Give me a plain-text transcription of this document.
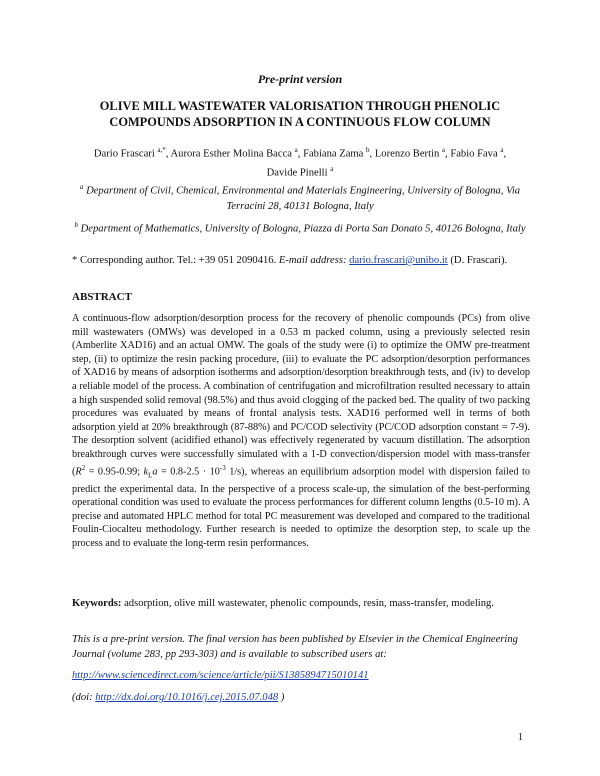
Pre-print version
OLIVE MILL WASTEWATER VALORISATION THROUGH PHENOLIC COMPOUNDS ADSORPTION IN A CONTINUOUS FLOW COLUMN
Dario Frascari $^{a,*}$, Aurora Esther Molina Bacca $^a$, Fabiana Zama $^b$, Lorenzo Bertin $^a$, Fabio Fava $^a$,
Davide Pinelli $^a$
$^a$ Department of Civil, Chemical, Environmental and Materials Engineering, University of Bologna, Via Terracini 28, 40131 Bologna, Italy
$^b$ Department of Mathematics, University of Bologna, Piazza di Porta San Donato 5, 40126 Bologna, Italy
* Corresponding author. Tel.: +39 051 2090416. E-mail address: dario.frascari@unibo.it (D. Frascari).
ABSTRACT
A continuous-flow adsorption/desorption process for the recovery of phenolic compounds (PCs) from olive mill wastewaters (OMWs) was developed in a 0.53 m packed column, using a previously selected resin (Amberlite XAD16) and an actual OMW. The goals of the study were (i) to optimize the OMW pre-treatment step, (ii) to optimize the resin packing procedure, (iii) to evaluate the PC adsorption/desorption performances of XAD16 by means of adsorption isotherms and adsorption/desorption breakthrough tests, and (iv) to develop a reliable model of the process. A combination of centrifugation and microfiltration resulted necessary to attain a high suspended solid removal (98.5%) and thus avoid clogging of the packed bed. The quality of two packing procedures was evaluated by means of frontal analysis tests. XAD16 performed well in terms of both adsorption yield at 20% breakthrough (87-88%) and PC/COD selectivity (PC/COD adsorption constant = 7-9). The desorption solvent (acidified ethanol) was effectively regenerated by vacuum distillation. The adsorption breakthrough curves were successfully simulated with a 1-D convection/dispersion model with mass-transfer ($R^2 = 0.95-0.99$; $k_La = 0.8-2.5 \cdot 10^{-3}$ 1/s), whereas an equilibrium adsorption model with dispersion failed to predict the experimental data. In the perspective of a process scale-up, the simulation of the best-performing operational condition was used to evaluate the process performances for different column lengths (0.5-10 m). A precise and automated HPLC method for total PC measurement was developed and compared to the traditional Foulin-Ciocalteu methodology. Further research is needed to optimize the desorption step, to scale up the process and to evaluate the long-term resin performances.
Keywords: adsorption, olive mill wastewater, phenolic compounds, resin, mass-transfer, modeling.
This is a pre-print version. The final version has been published by Elsevier in the Chemical Engineering Journal (volume 283, pp 293-303) and is available to subscribed users at:
http://www.sciencedirect.com/science/article/pii/S1385894715010141
(doi: http://dx.doi.org/10.1016/j.cej.2015.07.048 )
1
